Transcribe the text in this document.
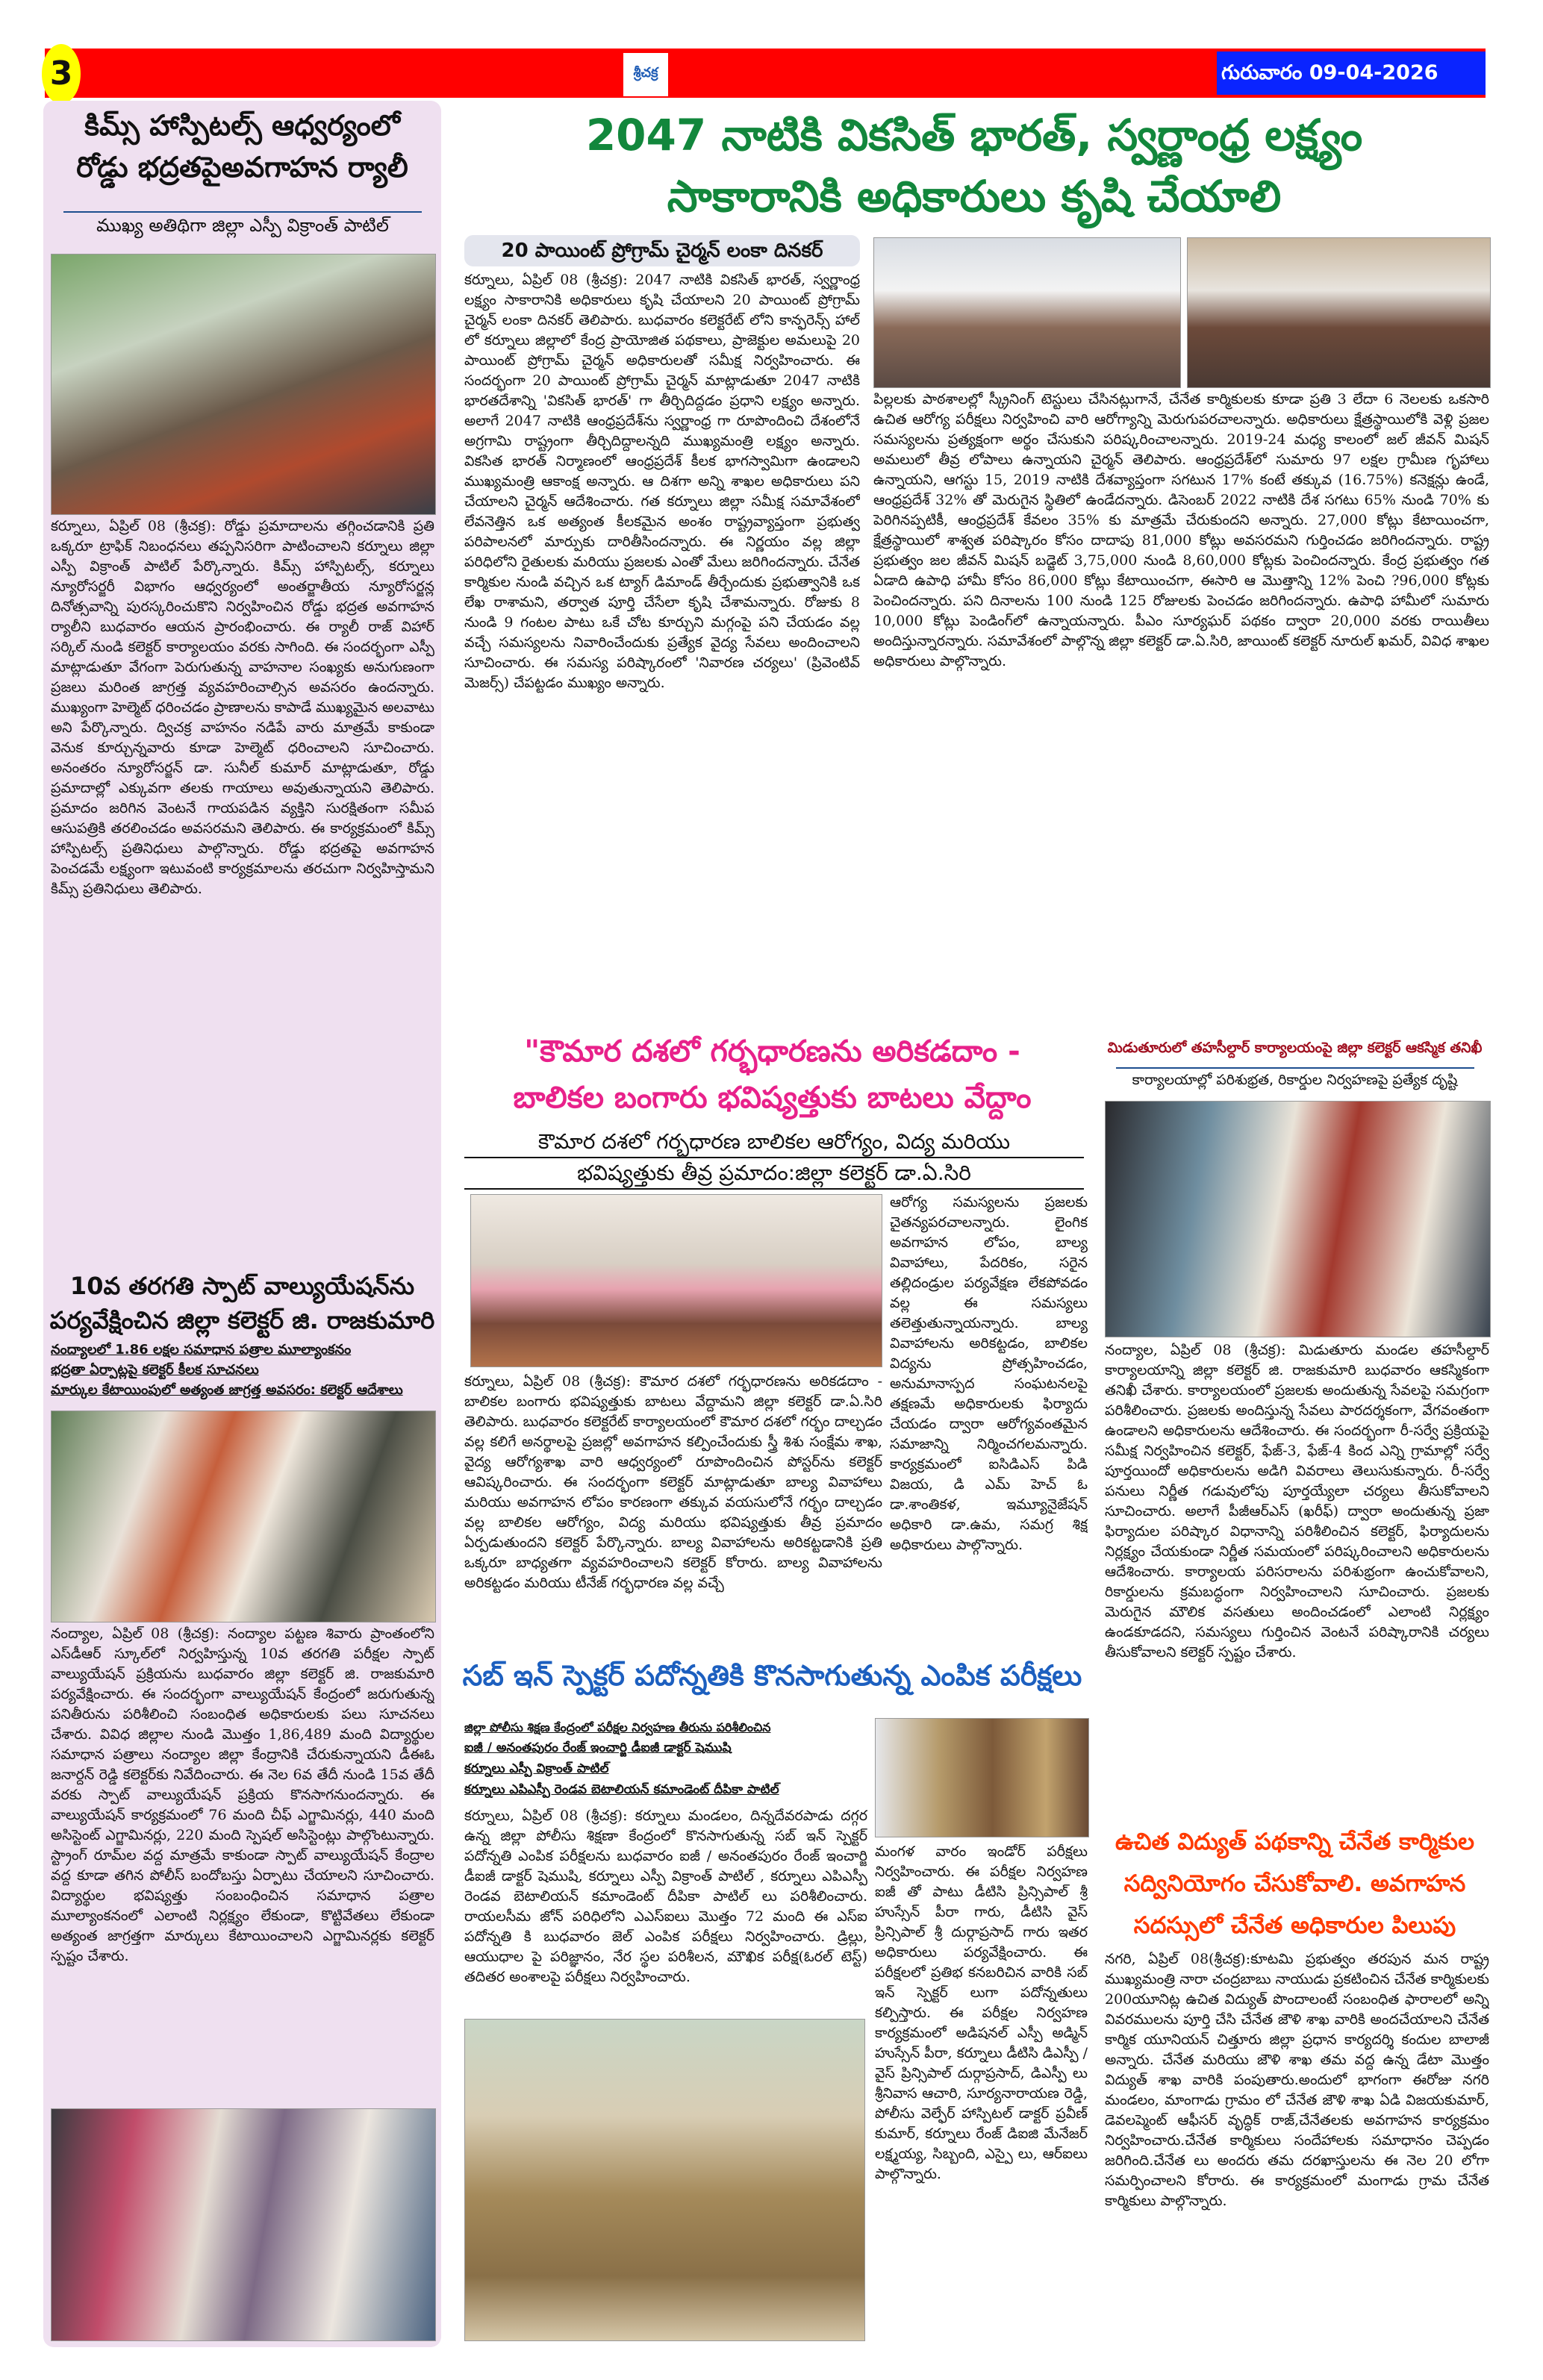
3	శ్రీచక్ర	గురువారం 09-04-2026
2047 నాటికి వికసిత్ భారత్, స్వర్ణాంధ్ర లక్ష్యం
సాకారానికి అధికారులు కృషి చేయాలి
కిమ్స్ హాస్పిటల్స్ ఆధ్వర్యంలో
రోడ్డు భద్రతపైఅవగాహన ర్యాలీ
ముఖ్య అతిథిగా జిల్లా ఎస్పీ విక్రాంత్ పాటిల్
కర్నూలు, ఏప్రిల్ 08 (శ్రీచక్ర): రోడ్డు ప్రమాదాలను తగ్గించడానికి ప్రతి ఒక్కరూ ట్రాఫిక్ నిబంధనలు తప్పనిసరిగా పాటించాలని కర్నూలు జిల్లా ఎస్పీ విక్రాంత్ పాటిల్ పేర్కొన్నారు. కిమ్స్ హాస్పిటల్స్, కర్నూలు న్యూరోసర్జరీ విభాగం ఆధ్వర్యంలో అంతర్జాతీయ న్యూరోసర్జన్ల దినోత్సవాన్ని పురస్కరించుకొని నిర్వహించిన రోడ్డు భద్రత అవగాహన ర్యాలీని బుధవారం ఆయన ప్రారంభించారు. ఈ ర్యాలీ రాజ్ విహార్ సర్కిల్ నుండి కలెక్టర్ కార్యాలయం వరకు సాగింది. ఈ సందర్భంగా ఎస్పీ మాట్లాడుతూ వేగంగా పెరుగుతున్న వాహనాల సంఖ్యకు అనుగుణంగా ప్రజలు మరింత జాగ్రత్త వ్యవహరించాల్సిన అవసరం ఉందన్నారు. ముఖ్యంగా హెల్మెట్ ధరించడం ప్రాణాలను కాపాడే ముఖ్యమైన అలవాటు అని పేర్కొన్నారు. ద్విచక్ర వాహనం నడిపే వారు మాత్రమే కాకుండా వెనుక కూర్చున్నవారు కూడా హెల్మెట్ ధరించాలని సూచించారు. అనంతరం న్యూరోసర్జన్ డా. సునీల్ కుమార్ మాట్లాడుతూ, రోడ్డు ప్రమాదాల్లో ఎక్కువగా తలకు గాయాలు అవుతున్నాయని తెలిపారు. ప్రమాదం జరిగిన వెంటనే గాయపడిన వ్యక్తిని సురక్షితంగా సమీప ఆసుపత్రికి తరలించడం అవసరమని తెలిపారు. ఈ కార్యక్రమంలో కిమ్స్ హాస్పిటల్స్ ప్రతినిధులు పాల్గొన్నారు. రోడ్డు భద్రతపై అవగాహన పెంచడమే లక్ష్యంగా ఇటువంటి కార్యక్రమాలను తరచుగా నిర్వహిస్తామని కిమ్స్ ప్రతినిధులు తెలిపారు.
10వ తరగతి స్పాట్ వాల్యుయేషన్‌ను
పర్యవేక్షించిన జిల్లా కలెక్టర్ జి. రాజకుమారి
నంద్యాలలో 1.86 లక్షల సమాధాన పత్రాల మూల్యాంకనం
భద్రతా ఏర్పాట్లపై కలెక్టర్ కీలక సూచనలు
మార్కుల కేటాయింపులో అత్యంత జాగ్రత్త అవసరం: కలెక్టర్ ఆదేశాలు
నంద్యాల, ఏప్రిల్ 08 (శ్రీచక్ర): నంద్యాల పట్టణ శివారు ప్రాంతంలోని ఎస్‌డీఆర్ స్కూల్‌లో నిర్వహిస్తున్న 10వ తరగతి పరీక్షల స్పాట్ వాల్యుయేషన్ ప్రక్రియను బుధవారం జిల్లా కలెక్టర్ జి. రాజకుమారి పర్యవేక్షించారు. ఈ సందర్భంగా వాల్యుయేషన్ కేంద్రంలో జరుగుతున్న పనితీరును పరిశీలించి సంబంధిత అధికారులకు పలు సూచనలు చేశారు. వివిధ జిల్లాల నుండి మొత్తం 1,86,489 మంది విద్యార్థుల సమాధాన పత్రాలు నంద్యాల జిల్లా కేంద్రానికి చేరుకున్నాయని డీఈఓ జనార్దన్ రెడ్డి కలెక్టర్‌కు నివేదించారు. ఈ నెల 6వ తేదీ నుండి 15వ తేదీ వరకు స్పాట్ వాల్యుయేషన్ ప్రక్రియ కొనసాగనుందన్నారు. ఈ వాల్యుయేషన్ కార్యక్రమంలో 76 మంది చీఫ్ ఎగ్జామినర్లు, 440 మంది అసిస్టెంట్ ఎగ్జామినర్లు, 220 మంది స్పెషల్ అసిస్టెంట్లు పాల్గొంటున్నారు. స్ట్రాంగ్ రూమ్‌ల వద్ద మాత్రమే కాకుండా స్పాట్ వాల్యుయేషన్ కేంద్రాల వద్ద కూడా తగిన పోలీస్ బందోబస్తు ఏర్పాటు చేయాలని సూచించారు. విద్యార్థుల భవిష్యత్తు సంబంధించిన సమాధాన పత్రాల మూల్యాంకనంలో ఎలాంటి నిర్లక్ష్యం లేకుండా, కొట్టివేతలు లేకుండా అత్యంత జాగ్రత్తగా మార్కులు కేటాయించాలని ఎగ్జామినర్లకు కలెక్టర్ స్పష్టం చేశారు.
20 పాయింట్ ప్రోగ్రామ్ చైర్మన్ లంకా దినకర్
కర్నూలు, ఏప్రిల్ 08 (శ్రీచక్ర): 2047 నాటికి వికసిత్ భారత్, స్వర్ణాంధ్ర లక్ష్యం సాకారానికి అధికారులు కృషి చేయాలని 20 పాయింట్ ప్రోగ్రామ్ చైర్మన్ లంకా దినకర్ తెలిపారు. బుధవారం కలెక్టరేట్ లోని కాన్ఫరెన్స్ హాల్ లో కర్నూలు జిల్లాలో కేంద్ర ప్రాయోజిత పథకాలు, ప్రాజెక్టుల అమలుపై 20 పాయింట్ ప్రోగ్రామ్ చైర్మన్ అధికారులతో సమీక్ష నిర్వహించారు. ఈ సందర్భంగా 20 పాయింట్ ప్రోగ్రామ్ చైర్మన్ మాట్లాడుతూ 2047 నాటికి భారతదేశాన్ని 'వికసిత్ భారత్' గా తీర్చిదిద్దడం ప్రధాని లక్ష్యం అన్నారు. అలాగే 2047 నాటికి ఆంధ్రప్రదేశ్‌ను స్వర్ణాంధ్ర గా రూపొందించి దేశంలోనే అగ్రగామి రాష్ట్రంగా తీర్చిదిద్దాలన్నది ముఖ్యమంత్రి లక్ష్యం అన్నారు. వికసిత భారత్ నిర్మాణంలో ఆంధ్రప్రదేశ్ కీలక భాగస్వామిగా ఉండాలని ముఖ్యమంత్రి ఆకాంక్ష అన్నారు. ఆ దిశగా అన్ని శాఖల అధికారులు పని చేయాలని చైర్మన్ ఆదేశించారు. గత కర్నూలు జిల్లా సమీక్ష సమావేశంలో లేవనెత్తిన ఒక అత్యంత కీలకమైన అంశం రాష్ట్రవ్యాప్తంగా ప్రభుత్వ పరిపాలనలో మార్పుకు దారితీసిందన్నారు. ఈ నిర్ణయం వల్ల జిల్లా పరిధిలోని రైతులకు మరియు ప్రజలకు ఎంతో మేలు జరిగిందన్నారు. చేనేత కార్మికుల నుండి వచ్చిన ఒక ట్యాగ్ డిమాండ్ తీర్చేందుకు ప్రభుత్వానికి ఒక లేఖ రాశామని, తర్వాత పూర్తి చేసేలా కృషి చేశామన్నారు. రోజుకు 8 నుండి 9 గంటల పాటు ఒకే చోట కూర్చుని మగ్గంపై పని చేయడం వల్ల వచ్చే సమస్యలను నివారించేందుకు ప్రత్యేక వైద్య సేవలు అందించాలని సూచించారు. ఈ సమస్య పరిష్కారంలో 'నివారణ చర్యలు' (ప్రివెంటివ్ మెజర్స్) చేపట్టడం ముఖ్యం అన్నారు.
పిల్లలకు పాఠశాలల్లో స్క్రీనింగ్ టెస్టులు చేసినట్లుగానే, చేనేత కార్మికులకు కూడా ప్రతి 3 లేదా 6 నెలలకు ఒకసారి ఉచిత ఆరోగ్య పరీక్షలు నిర్వహించి వారి ఆరోగ్యాన్ని మెరుగుపరచాలన్నారు. అధికారులు క్షేత్రస్థాయిలోకి వెళ్లి ప్రజల సమస్యలను ప్రత్యక్షంగా అర్థం చేసుకుని పరిష్కరించాలన్నారు. 2019-24 మధ్య కాలంలో జల్ జీవన్ మిషన్ అమలులో తీవ్ర లోపాలు ఉన్నాయని చైర్మన్ తెలిపారు. ఆంధ్రప్రదేశ్‌లో సుమారు 97 లక్షల గ్రామీణ గృహాలు ఉన్నాయని, ఆగస్టు 15, 2019 నాటికి దేశవ్యాప్తంగా సగటున 17% కంటే తక్కువ (16.75%) కనెక్షన్లు ఉండే, ఆంధ్రప్రదేశ్ 32% తో మెరుగైన స్థితిలో ఉండేదన్నారు. డిసెంబర్ 2022 నాటికి దేశ సగటు 65% నుండి 70% కు పెరిగినప్పటికీ, ఆంధ్రప్రదేశ్ కేవలం 35% కు మాత్రమే చేరుకుందని అన్నారు. 27,000 కోట్లు కేటాయించగా, క్షేత్రస్థాయిలో శాశ్వత పరిష్కారం కోసం దాదాపు 81,000 కోట్లు అవసరమని గుర్తించడం జరిగిందన్నారు. రాష్ట్ర ప్రభుత్వం జల జీవన్ మిషన్ బడ్జెట్ 3,75,000 నుండి 8,60,000 కోట్లకు పెంచిందన్నారు. కేంద్ర ప్రభుత్వం గత ఏడాది ఉపాధి హామీ కోసం 86,000 కోట్లు కేటాయించగా, ఈసారి ఆ మొత్తాన్ని 12% పెంచి ?96,000 కోట్లకు పెంచిందన్నారు. పని దినాలను 100 నుండి 125 రోజులకు పెంచడం జరిగిందన్నారు. ఉపాధి హామీలో సుమారు 10,000 కోట్లు పెండింగ్‌లో ఉన్నాయన్నారు. పీఎం సూర్యఘర్ పథకం ద్వారా 20,000 వరకు రాయితీలు అందిస్తున్నారన్నారు. సమావేశంలో పాల్గొన్న జిల్లా కలెక్టర్ డా.ఏ.సిరి, జాయింట్ కలెక్టర్ నూరుల్ ఖమర్, వివిధ శాఖల అధికారులు పాల్గొన్నారు.
"కౌమార దశలో గర్భధారణను అరికడదాం -
బాలికల బంగారు భవిష్యత్తుకు బాటలు వేద్దాం
కౌమార దశలో గర్భధారణ బాలికల ఆరోగ్యం, విద్య మరియు
భవిష్యత్తుకు తీవ్ర ప్రమాదం:జిల్లా కలెక్టర్ డా.ఏ.సిరి
ఆరోగ్య సమస్యలను ప్రజలకు చైతన్యపరచాలన్నారు. లైంగిక అవగాహన లోపం, బాల్య వివాహాలు, పేదరికం, సరైన తల్లిదండ్రుల పర్యవేక్షణ లేకపోవడం వల్ల ఈ సమస్యలు తలెత్తుతున్నాయన్నారు. బాల్య వివాహాలను అరికట్టడం, బాలికల విద్యను ప్రోత్సహించడం, అనుమానాస్పద సంఘటనలపై తక్షణమే అధికారులకు ఫిర్యాదు చేయడం ద్వారా ఆరోగ్యవంతమైన సమాజాన్ని నిర్మించగలమన్నారు. కార్యక్రమంలో ఐసిడిఎస్ పిడి విజయ, డి ఎమ్ హెచ్ ఓ డా.శాంతికళ, ఇమ్యూనైజేషన్ అధికారి డా.ఉమ, సమగ్ర శిక్ష అధికారులు పాల్గొన్నారు.
కర్నూలు, ఏప్రిల్ 08 (శ్రీచక్ర): కౌమార దశలో గర్భధారణను అరికడదాం - బాలికల బంగారు భవిష్యత్తుకు బాటలు వేద్దామని జిల్లా కలెక్టర్ డా.ఏ.సిరి తెలిపారు. బుధవారం కలెక్టరేట్ కార్యాలయంలో కౌమార దశలో గర్భం దాల్చడం వల్ల కలిగే అనర్థాలపై ప్రజల్లో అవగాహన కల్పించేందుకు స్త్రీ శిశు సంక్షేమ శాఖ, వైద్య ఆరోగ్యశాఖ వారి ఆధ్వర్యంలో రూపొందించిన పోస్టర్‌ను కలెక్టర్ ఆవిష్కరించారు. ఈ సందర్భంగా కలెక్టర్ మాట్లాడుతూ బాల్య వివాహాలు మరియు అవగాహన లోపం కారణంగా తక్కువ వయసులోనే గర్భం దాల్చడం వల్ల బాలికల ఆరోగ్యం, విద్య మరియు భవిష్యత్తుకు తీవ్ర ప్రమాదం ఏర్పడుతుందని కలెక్టర్ పేర్కొన్నారు. బాల్య వివాహాలను అరికట్టడానికి ప్రతి ఒక్కరూ బాధ్యతగా వ్యవహరించాలని కలెక్టర్ కోరారు. బాల్య వివాహాలను అరికట్టడం మరియు టీనేజ్ గర్భధారణ వల్ల వచ్చే
సబ్ ఇన్ స్పెక్టర్ పదోన్నతికి కొనసాగుతున్న ఎంపిక పరీక్షలు
జిల్లా పోలీసు శిక్షణ కేంద్రంలో పరీక్షల నిర్వహణ తీరును పరిశీలించిన
ఐజీ / అనంతపురం రేంజ్ ఇంచార్జి డీఐజీ డాక్టర్ షెముషి
కర్నూలు ఎస్పీ విక్రాంత్ పాటిల్
కర్నూలు ఎపిఎస్పీ రెండవ బెటాలియన్ కమాండెంట్ దీపికా పాటిల్
కర్నూలు, ఏప్రిల్ 08 (శ్రీచక్ర): కర్నూలు మండలం, దిన్నదేవరపాడు దగ్గర ఉన్న జిల్లా పోలీసు శిక్షణా కేంద్రంలో కొనసాగుతున్న సబ్ ఇన్ స్పెక్టర్ పదోన్నతి ఎంపిక పరీక్షలను బుధవారం ఐజీ / అనంతపురం రేంజ్ ఇంచార్జి డీఐజీ డాక్టర్ షెముషి, కర్నూలు ఎస్పీ విక్రాంత్ పాటిల్ , కర్నూలు ఎపిఎస్పీ రెండవ బెటాలియన్ కమాండెంట్ దీపికా పాటిల్ లు పరిశీలించారు. రాయలసీమ జోన్ పరిధిలోని ఎఎస్ఐలు మొత్తం 72 మంది ఈ ఎస్ఐ పదోన్నతి కి బుధవారం జెల్ ఎంపిక పరీక్షలు నిర్వహించారు. డ్రిల్లు, ఆయుధాల పై పరిజ్ఞానం, నేర స్థల పరిశీలన, మౌఖిక పరీక్ష(ఓరల్ టెస్ట్) తదితర అంశాలపై పరీక్షలు నిర్వహించారు.
మంగళ వారం ఇండోర్ పరీక్షలు నిర్వహించారు. ఈ పరీక్షల నిర్వహణ ఐజీ తో పాటు డీటిసి ప్రిన్సిపాల్ శ్రీ హుస్సేన్ పీరా గారు, డీటిసి వైస్ ప్రిన్సిపాల్ శ్రీ దుర్గాప్రసాద్ గారు ఇతర అధికారులు పర్యవేక్షించారు. ఈ పరీక్షలలో ప్రతిభ కనబరిచిన వారికి సబ్ ఇన్ స్పెక్టర్ లుగా పదోన్నతులు కల్పిస్తారు. ఈ పరీక్షల నిర్వహణ కార్యక్రమంలో అడిషనల్ ఎస్పీ అడ్మిన్ హుస్సేన్ పీరా, కర్నూలు డీటిసి డిఎస్పీ / వైస్ ప్రిన్సిపాల్ దుర్గాప్రసాద్, డిఎస్పీ లు శ్రీనివాస ఆచారి, సూర్యనారాయణ రెడ్డి, పోలీసు వెల్ఫేర్ హాస్పిటల్ డాక్టర్ ప్రవీణ్ కుమార్, కర్నూలు రేంజ్ డిఐజి మేనేజర్ లక్ష్మయ్య, సిబ్బంది, ఎస్పై లు, ఆర్ఐలు పాల్గొన్నారు.
మిడుతూరులో తహసీల్దార్ కార్యాలయంపై జిల్లా కలెక్టర్ ఆకస్మిక తనిఖీ
కార్యాలయాల్లో పరిశుభ్రత, రికార్డుల నిర్వహణపై ప్రత్యేక దృష్టి
నంద్యాల, ఏప్రిల్ 08 (శ్రీచక్ర): మిడుతూరు మండల తహసీల్దార్ కార్యాలయాన్ని జిల్లా కలెక్టర్ జి. రాజకుమారి బుధవారం ఆకస్మికంగా తనిఖీ చేశారు. కార్యాలయంలో ప్రజలకు అందుతున్న సేవలపై సమగ్రంగా పరిశీలించారు. ప్రజలకు అందిస్తున్న సేవలు పారదర్శకంగా, వేగవంతంగా ఉండాలని అధికారులను ఆదేశించారు. ఈ సందర్భంగా రీ-సర్వే ప్రక్రియపై సమీక్ష నిర్వహించిన కలెక్టర్, ఫేజ్-3, ఫేజ్-4 కింద ఎన్ని గ్రామాల్లో సర్వే పూర్తయిందో అధికారులను అడిగి వివరాలు తెలుసుకున్నారు. రీ-సర్వే పనులు నిర్ణీత గడువులోపు పూర్తయ్యేలా చర్యలు తీసుకోవాలని సూచించారు. అలాగే పీజీఆర్ఎస్ (ఖరీఫ్) ద్వారా అందుతున్న ప్రజా ఫిర్యాదుల పరిష్కార విధానాన్ని పరిశీలించిన కలెక్టర్, ఫిర్యాదులను నిర్లక్ష్యం చేయకుండా నిర్ణీత సమయంలో పరిష్కరించాలని అధికారులను ఆదేశించారు. కార్యాలయ పరిసరాలను పరిశుభ్రంగా ఉంచుకోవాలని, రికార్డులను క్రమబద్ధంగా నిర్వహించాలని సూచించారు. ప్రజలకు మెరుగైన మౌలిక వసతులు అందించడంలో ఎలాంటి నిర్లక్ష్యం ఉండకూడదని, సమస్యలు గుర్తించిన వెంటనే పరిష్కారానికి చర్యలు తీసుకోవాలని కలెక్టర్ స్పష్టం చేశారు.
ఉచిత విద్యుత్ పథకాన్ని చేనేత కార్మికుల
సద్వినియోగం చేసుకోవాలి. అవగాహన
సదస్సులో చేనేత అధికారుల పిలుపు
నగరి, ఏప్రిల్ 08(శ్రీచక్ర):కూటమి ప్రభుత్వం తరపున మన రాష్ట్ర ముఖ్యమంత్రి నారా చంద్రబాబు నాయుడు ప్రకటించిన చేనేత కార్మికులకు 200యూనిట్ల ఉచిత విద్యుత్ పొందాలంటే సంబంధిత ఫారాలలో అన్ని వివరములను పూర్తి చేసి చేనేత జౌళి శాఖ వారికి అందచేయాలని చేనేత కార్మిక యూనియన్ చిత్తూరు జిల్లా ప్రధాన కార్యదర్శి కందుల బాలాజీ అన్నారు. చేనేత మరియు జౌళి శాఖ తమ వద్ద ఉన్న డేటా మొత్తం విద్యుత్ శాఖ వారికి పంపుతారు.అందులో భాగంగా ఈరోజు నగరి మండలం, మాంగాడు గ్రామం లో చేనేత జౌళి శాఖ ఏడి విజయకుమార్, డెవలప్మెంట్ ఆఫీసర్ వృద్ధిక్ రాజ్,చేనేతలకు అవగాహన కార్యక్రమం నిర్వహించారు.చేనేత కార్మికులు సందేహాలకు సమాధానం చెప్పడం జరిగింది.చేనేత లు అందరు తమ దరఖాస్తులను ఈ నెల 20 లోగా సమర్పించాలని కోరారు. ఈ కార్యక్రమంలో మంగాడు గ్రామ చేనేత కార్మికులు పాల్గొన్నారు.
